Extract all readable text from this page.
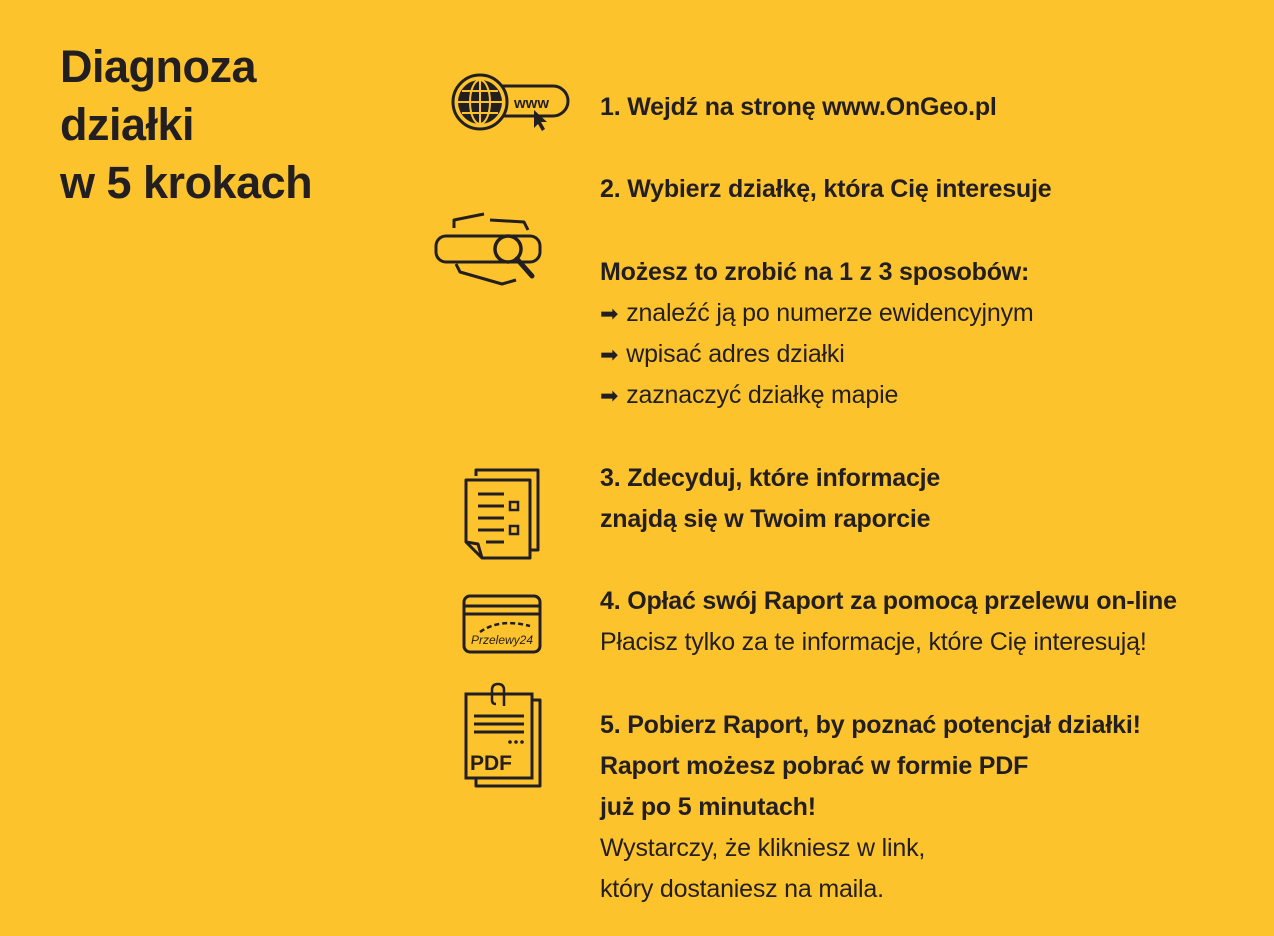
Diagnoza
działki
w 5 krokach
www
Przelewy24
PDF
1. Wejdź na stronę www.OnGeo.pl
2. Wybierz działkę, która Cię interesuje
Możesz to zrobić na 1 z 3 sposobów:
➡ znaleźć ją po numerze ewidencyjnym
➡ wpisać adres działki
➡ zaznaczyć działkę mapie
3. Zdecyduj, które informacje
znajdą się w Twoim raporcie
4. Opłać swój Raport za pomocą przelewu on-line
Płacisz tylko za te informacje, które Cię interesują!
5. Pobierz Raport, by poznać potencjał działki!
Raport możesz pobrać w formie PDF
już po 5 minutach!
Wystarczy, że klikniesz w link,
który dostaniesz na maila.
